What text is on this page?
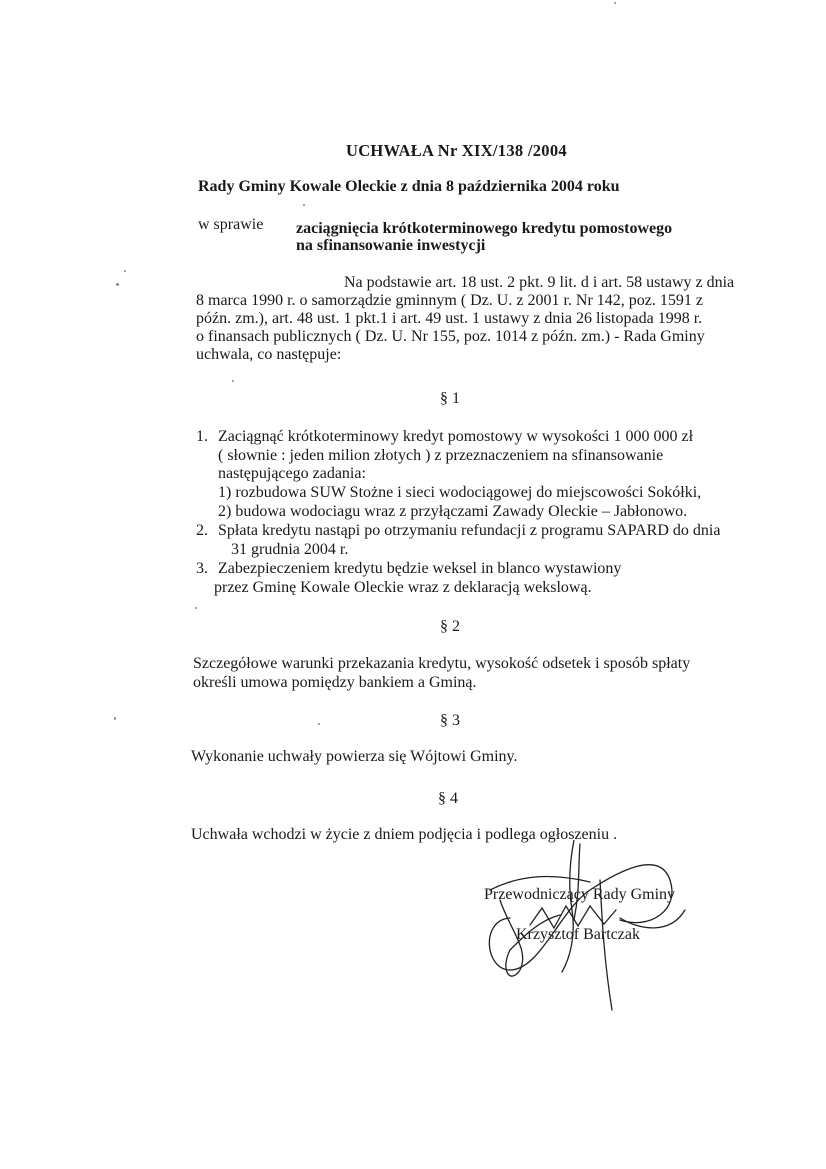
UCHWAŁA Nr XIX/138 /2004
Rady Gminy Kowale Oleckie z dnia 8 października 2004 roku
w sprawie zaciągnięcia krótkoterminowego kredytu pomostowego
na sfinansowanie inwestycji
Na podstawie art. 18 ust. 2 pkt. 9 lit. d i art. 58 ustawy z dnia
8 marca 1990 r. o samorządzie gminnym ( Dz. U. z 2001 r. Nr 142, poz. 1591 z
późn. zm.), art. 48 ust. 1 pkt.1 i art. 49 ust. 1 ustawy z dnia 26 listopada 1998 r.
o finansach publicznych ( Dz. U. Nr 155, poz. 1014 z późn. zm.) - Rada Gminy
uchwala, co następuje:
§ 1
1. Zaciągnąć krótkoterminowy kredyt pomostowy w wysokości 1 000 000 zł
( słownie : jeden milion złotych ) z przeznaczeniem na sfinansowanie
następującego zadania:
1) rozbudowa SUW Stożne i sieci wodociągowej do miejscowości Sokółki,
2) budowa wodociagu wraz z przyłączami Zawady Oleckie – Jabłonowo.
2. Spłata kredytu nastąpi po otrzymaniu refundacji z programu SAPARD do dnia
31 grudnia 2004 r.
3. Zabezpieczeniem kredytu będzie weksel in blanco wystawiony
przez Gminę Kowale Oleckie wraz z deklaracją wekslową.
§ 2
Szczegółowe warunki przekazania kredytu, wysokość odsetek i sposób spłaty
określi umowa pomiędzy bankiem a Gminą.
§ 3
Wykonanie uchwały powierza się Wójtowi Gminy.
§ 4
Uchwała wchodzi w życie z dniem podjęcia i podlega ogłoszeniu .
Przewodniczący Rady Gminy
Krzysztof Bartczak
